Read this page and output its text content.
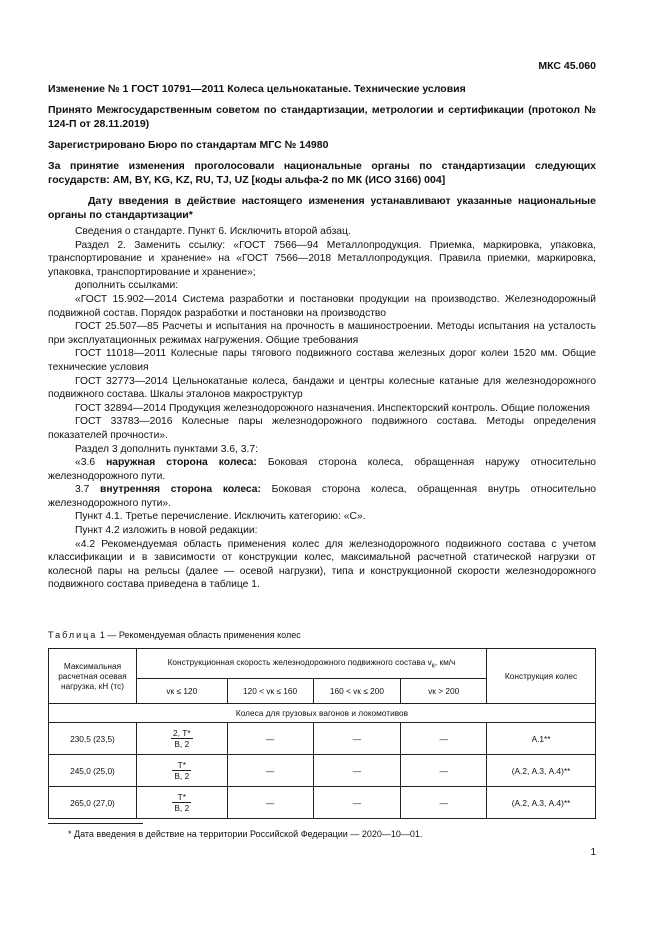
МКС 45.060

Изменение № 1 ГОСТ 10791—2011 Колеса цельнокатаные. Технические условия

Принято Межгосударственным советом по стандартизации, метрологии и сертификации (протокол № 124-П от 28.11.2019)

Зарегистрировано Бюро по стандартам МГС № 14980

За принятие изменения проголосовали национальные органы по стандартизации следующих государств: AM, BY, KG, KZ, RU, TJ, UZ [коды альфа-2 по МК (ИСО 3166) 004]

Дату введения в действие настоящего изменения устанавливают указанные национальные органы по стандартизации*

Сведения о стандарте. Пункт 6. Исключить второй абзац.

Раздел 2. Заменить ссылку: «ГОСТ 7566—94 Металлопродукция. Приемка, маркировка, упаковка, транспортирование и хранение» на «ГОСТ 7566—2018 Металлопродукция. Правила приемки, маркировка, упаковка, транспортирование и хранение»;

дополнить ссылками:

«ГОСТ 15.902—2014 Система разработки и постановки продукции на производство. Железнодорожный подвижной состав. Порядок разработки и постановки на производство

ГОСТ 25.507—85 Расчеты и испытания на прочность в машиностроении. Методы испытания на усталость при эксплуатационных режимах нагружения. Общие требования

ГОСТ 11018—2011 Колесные пары тягового подвижного состава железных дорог колеи 1520 мм. Общие технические условия

ГОСТ 32773—2014 Цельнокатаные колеса, бандажи и центры колесные катаные для железнодорожного подвижного состава. Шкалы эталонов макроструктур

ГОСТ 32894—2014 Продукция железнодорожного назначения. Инспекторский контроль. Общие положения

ГОСТ 33783—2016 Колесные пары железнодорожного подвижного состава. Методы определения показателей прочности».

Раздел 3 дополнить пунктами 3.6, 3.7:

«3.6 наружная сторона колеса: Боковая сторона колеса, обращенная наружу относительно железнодорожного пути.

3.7 внутренняя сторона колеса: Боковая сторона колеса, обращенная внутрь относительно железнодорожного пути».

Пункт 4.1. Третье перечисление. Исключить категорию: «С».

Пункт 4.2 изложить в новой редакции:

«4.2 Рекомендуемая область применения колес для железнодорожного подвижного состава с учетом классификации и в зависимости от конструкции колес, максимальной расчетной статической нагрузки от колесной пары на рельсы (далее — осевой нагрузки), типа и конструкционной скорости железнодорожного подвижного состава приведена в таблице 1.

Таблица 1 — Рекомендуемая область применения колес
Максимальная расчетная осевая нагрузка, кН (тс)	Конструкционная скорость железнодорожного подвижного состава $v_к$, км/ч				Конструкция колес
	vк ≤ 120	120 < vк ≤ 160	160 < vк ≤ 200	vк > 200	
Колеса для грузовых вагонов и локомотивов					
230,5 (23,5)	$\frac{2, Т*}{В, 2}$	—	—	—	А.1**
245,0 (25,0)	$\frac{Т*}{В, 2}$	—	—	—	(А.2, А.3, А.4)**
265,0 (27,0)	$\frac{Т*}{В, 2}$	—	—	—	(А.2, А.3, А.4)**
* Дата введения в действие на территории Российской Федерации — 2020—10—01.
1
